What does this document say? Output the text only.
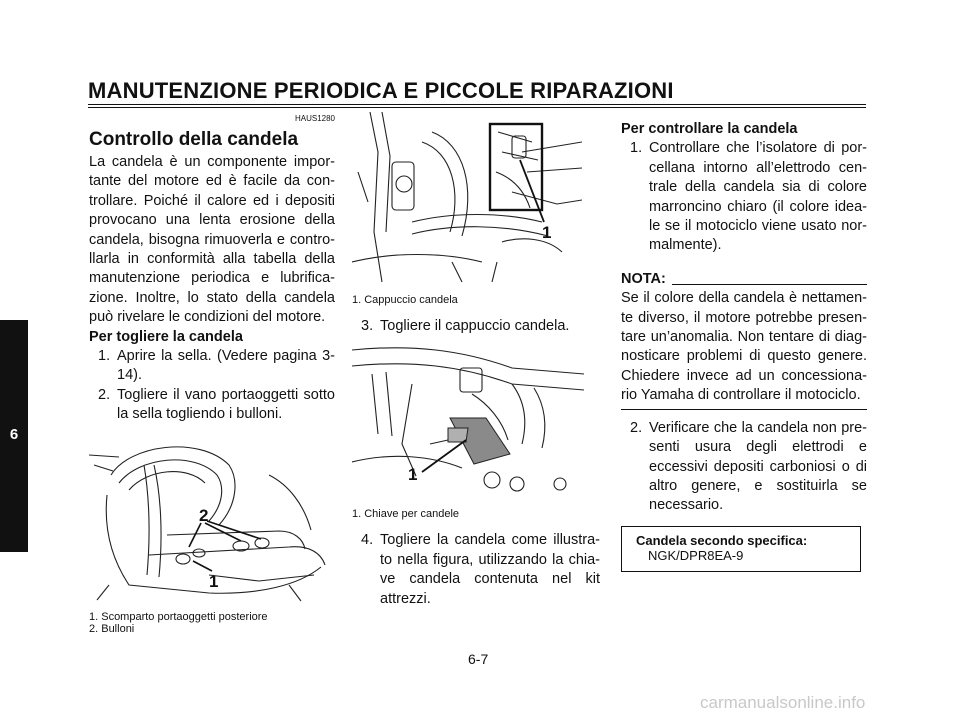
MANUTENZIONE PERIODICA E PICCOLE RIPARAZIONI
6
HAUS1280
Controllo della candela

La candela è un componente impor-tante del motore ed è facile da con-trollare. Poiché il calore ed i depositi provocano una lenta erosione della candela, bisogna rimuoverla e contro-llarla in conformità alla tabella della manutenzione periodica e lubrifica-zione. Inoltre, lo stato della candela può rivelare le condizioni del motore.

Per togliere la candela
1. Aprire la sella. (Vedere pagina 3-14).
2. Togliere il vano portaoggetti sotto la sella togliendo i bulloni.
2
1
1. Scomparto portaoggetti posteriore
2. Bulloni
1
1. Cappuccio candela
3. Togliere il cappuccio candela.
1
1. Chiave per candele
4. Togliere la candela come illustra-to nella figura, utilizzando la chia-ve candela contenuta nel kit attrezzi.
Per controllare la candela
1. Controllare che l’isolatore di por-cellana intorno all’elettrodo cen-trale della candela sia di colore marroncino chiaro (il colore idea-le se il motociclo viene usato nor-malmente).
NOTA:

Se il colore della candela è nettamen-te diverso, il motore potrebbe presen-tare un’anomalia. Non tentare di diag-nosticare problemi di questo genere. Chiedere invece ad un concessiona-rio Yamaha di controllare il motociclo.

2. Verificare che la candela non pre-senti usura degli elettrodi e eccessivi depositi carboniosi o di altro genere, e sostituirla se necessario.
Candela secondo specifica:
NGK/DPR8EA-9
6-7
carmanualsonline.info
